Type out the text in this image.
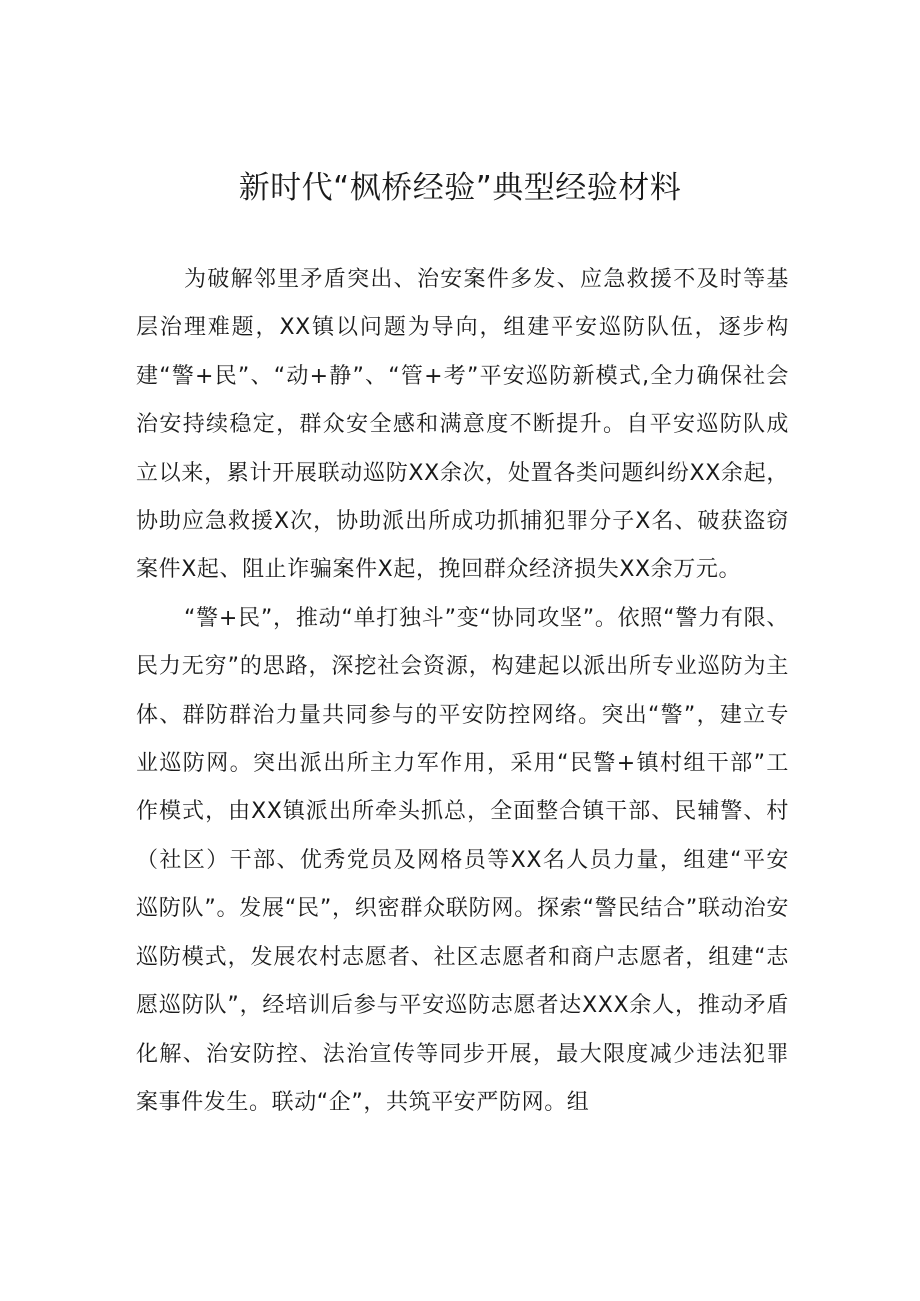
新时代“枫桥经验”典型经验材料

为破解邻里矛盾突出、治安案件多发、应急救援不及时等基层治理难题，XX镇以问题为导向，组建平安巡防队伍，逐步构建“警+民”、“动+静”、“管+考”平安巡防新模式,全力确保社会治安持续稳定，群众安全感和满意度不断提升。自平安巡防队成立以来，累计开展联动巡防XX余次，处置各类问题纠纷XX余起，协助应急救援X次，协助派出所成功抓捕犯罪分子X名、破获盗窃案件X起、阻止诈骗案件X起，挽回群众经济损失XX余万元。

“警+民”，推动“单打独斗”变“协同攻坚”。依照“警力有限、民力无穷”的思路，深挖社会资源，构建起以派出所专业巡防为主体、群防群治力量共同参与的平安防控网络。突出“警”，建立专业巡防网。突出派出所主力军作用，采用“民警+镇村组干部”工作模式，由XX镇派出所牵头抓总，全面整合镇干部、民辅警、村（社区）干部、优秀党员及网格员等XX名人员力量，组建“平安巡防队”。发展“民”，织密群众联防网。探索“警民结合”联动治安巡防模式，发展农村志愿者、社区志愿者和商户志愿者，组建“志愿巡防队”，经培训后参与平安巡防志愿者达XXX余人，推动矛盾化解、治安防控、法治宣传等同步开展，最大限度减少违法犯罪案事件发生。联动“企”，共筑平安严防网。组
